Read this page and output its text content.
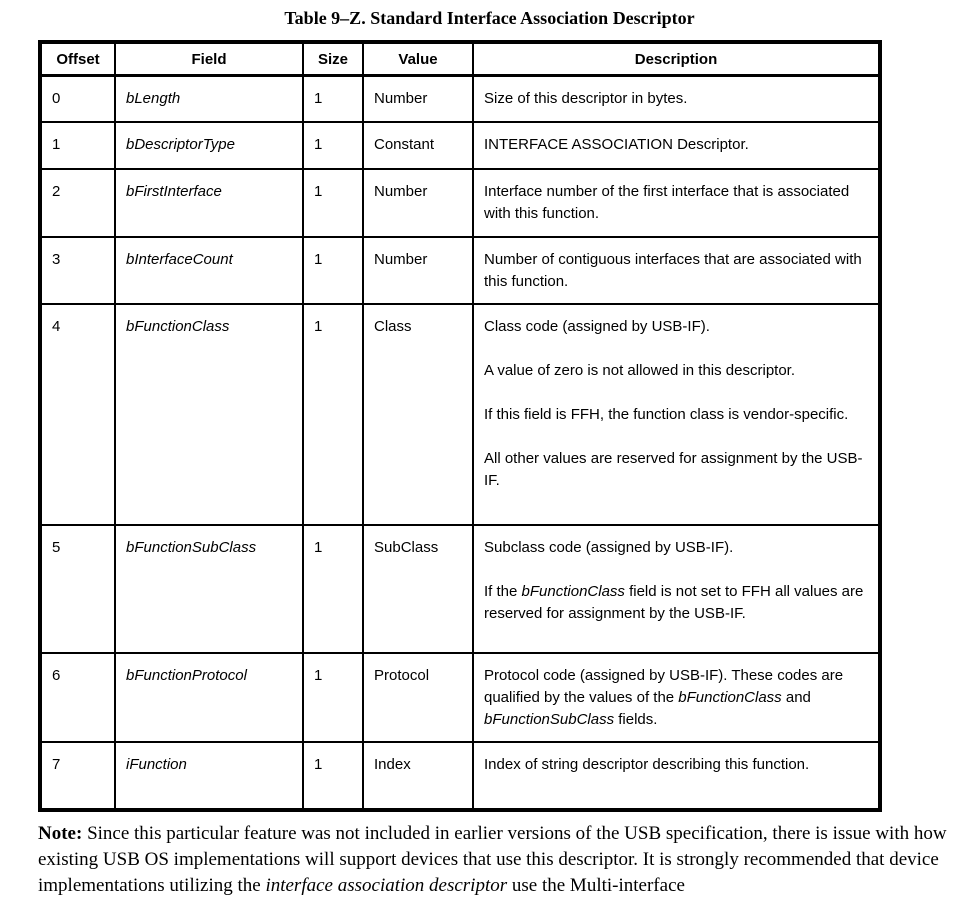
Table 9–Z. Standard Interface Association Descriptor
Offset	Field	Size	Value	Description
0	bLength	1	Number	Size of this descriptor in bytes.

1	bDescriptorType	1	Constant	INTERFACE ASSOCIATION Descriptor.

2	bFirstInterface	1	Number	Interface number of the first interface that is associated with this function.

3	bInterfaceCount	1	Number	Number of contiguous interfaces that are associated with this function.

4	bFunctionClass	1	Class	Class code (assigned by USB-IF).

A value of zero is not allowed in this descriptor.

If this field is FFH, the function class is vendor-specific.

All other values are reserved for assignment by the USB-IF.

5	bFunctionSubClass	1	SubClass	Subclass code (assigned by USB-IF).

If the bFunctionClass field is not set to FFH all values are reserved for assignment by the USB-IF.

6	bFunctionProtocol	1	Protocol	Protocol code (assigned by USB-IF). These codes are qualified by the values of the bFunctionClass and bFunctionSubClass fields.

7	iFunction	1	Index	Index of string descriptor describing this function.

Note: Since this particular feature was not included in earlier versions of the USB specification, there is issue with how existing USB OS implementations will support devices that use this descriptor. It is strongly recommended that device implementations utilizing the interface association descriptor use the Multi-interface
